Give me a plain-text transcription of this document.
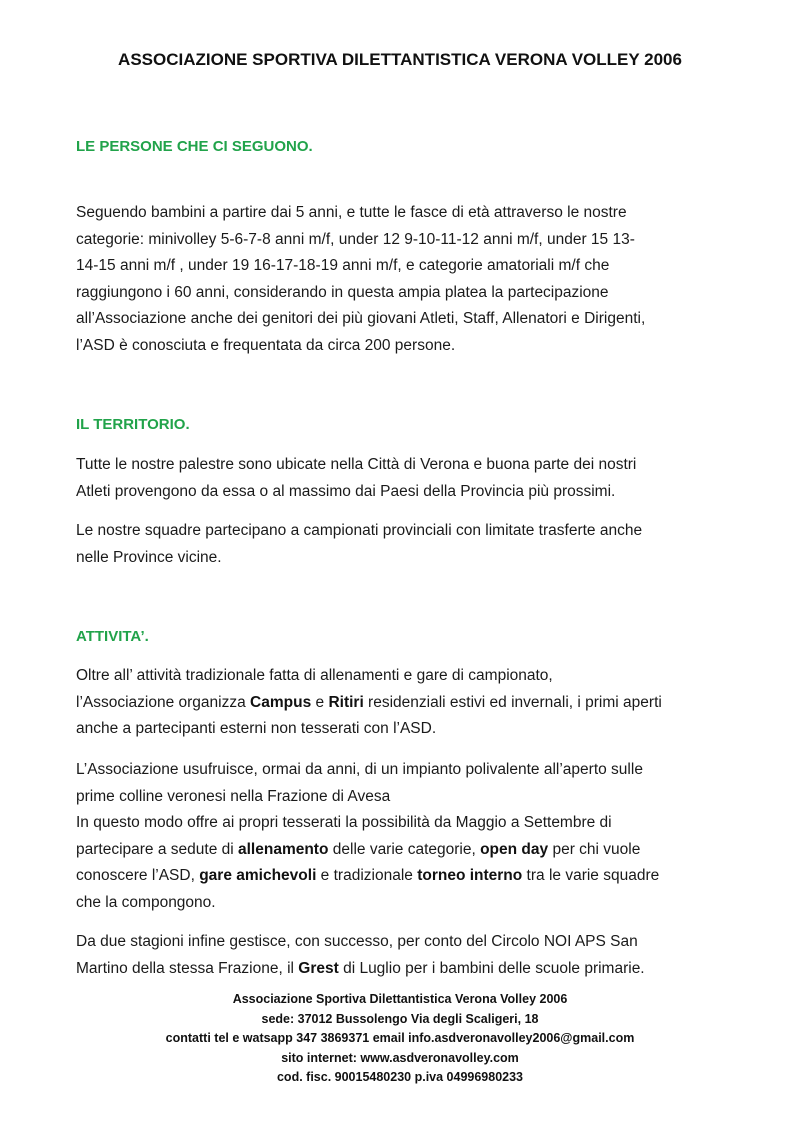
ASSOCIAZIONE SPORTIVA DILETTANTISTICA VERONA VOLLEY 2006
LE PERSONE CHE CI SEGUONO.
Seguendo bambini a partire dai 5 anni, e tutte le fasce di età attraverso le nostre
categorie: minivolley 5-6-7-8 anni m/f, under 12 9-10-11-12 anni m/f, under 15 13-
14-15 anni m/f , under 19 16-17-18-19 anni m/f, e categorie amatoriali m/f che
raggiungono i 60 anni, considerando in questa ampia platea la partecipazione
all’Associazione anche dei genitori dei più giovani Atleti, Staff, Allenatori e Dirigenti,
l’ASD è conosciuta e frequentata da circa 200 persone.
IL TERRITORIO.
Tutte le nostre palestre sono ubicate nella Città di Verona e buona parte dei nostri
Atleti provengono da essa o al massimo dai Paesi della Provincia più prossimi.
Le nostre squadre partecipano a campionati provinciali con limitate trasferte anche
nelle Province vicine.
ATTIVITA’.
Oltre all’ attività tradizionale fatta di allenamenti e gare di campionato,
l’Associazione organizza Campus e Ritiri residenziali estivi ed invernali, i primi aperti
anche a partecipanti esterni non tesserati con l’ASD.
L’Associazione usufruisce, ormai da anni, di un impianto polivalente all’aperto sulle
prime colline veronesi nella Frazione di Avesa
In questo modo offre ai propri tesserati la possibilità da Maggio a Settembre di
partecipare a sedute di allenamento delle varie categorie, open day per chi vuole
conoscere l’ASD, gare amichevoli e tradizionale torneo interno tra le varie squadre
che la compongono.
Da due stagioni infine gestisce, con successo, per conto del Circolo NOI APS San
Martino della stessa Frazione, il Grest di Luglio per i bambini delle scuole primarie.
Associazione Sportiva Dilettantistica Verona Volley 2006
sede: 37012 Bussolengo Via degli Scaligeri, 18
contatti tel e watsapp 347 3869371 email info.asdveronavolley2006@gmail.com
sito internet: www.asdveronavolley.com
cod. fisc. 90015480230 p.iva 04996980233
